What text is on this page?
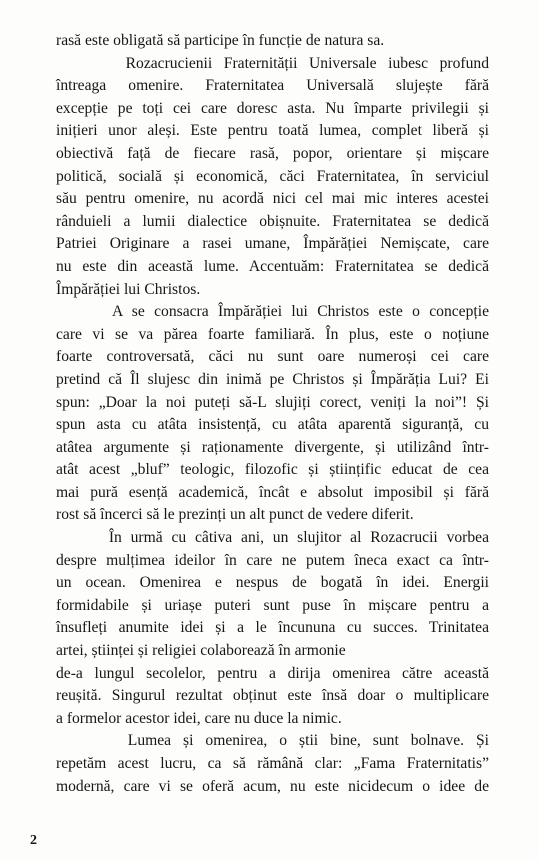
rasă este obligată să participe în funcție de natura sa.
Rozacrucienii Fraternității Universale iubesc profund
întreaga omenire. Fraternitatea Universală slujește fără
excepție pe toți cei care doresc asta. Nu împarte privilegii și
inițieri unor aleși. Este pentru toată lumea, complet liberă și
obiectivă față de fiecare rasă, popor, orientare și mișcare
politică, socială și economică, căci Fraternitatea, în serviciul
său pentru omenire, nu acordă nici cel mai mic interes acestei
rânduieli a lumii dialectice obișnuite. Fraternitatea se dedică
Patriei Originare a rasei umane, Împărăției Nemișcate, care
nu este din această lume. Accentuăm: Fraternitatea se dedică
Împărăției lui Christos.
A se consacra Împărăției lui Christos este o concepție
care vi se va părea foarte familiară. În plus, este o noțiune
foarte controversată, căci nu sunt oare numeroși cei care
pretind că Îl slujesc din inimă pe Christos și Împărăția Lui? Ei
spun: „Doar la noi puteți să-L slujiți corect, veniți la noi”! Și
spun asta cu atâta insistență, cu atâta aparentă siguranță, cu
atâtea argumente și raționamente divergente, și utilizând într-
atât acest „bluf” teologic, filozofic și științific educat de cea
mai pură esență academică, încât e absolut imposibil și fără
rost să încerci să le prezinți un alt punct de vedere diferit.
În urmă cu câtiva ani, un slujitor al Rozacrucii vorbea
despre mulțimea ideilor în care ne putem îneca exact ca într-
un ocean. Omenirea e nespus de bogată în idei. Energii
formidabile și uriașe puteri sunt puse în mișcare pentru a
însufleți anumite idei și a le încununa cu succes. Trinitatea
artei, științei și religiei colaborează în armonie
de-a lungul secolelor, pentru a dirija omenirea către această
reușită. Singurul rezultat obținut este însă doar o multiplicare
a formelor acestor idei, care nu duce la nimic.
Lumea și omenirea, o știi bine, sunt bolnave. Și
repetăm acest lucru, ca să rămână clar: „Fama Fraternitatis”
modernă, care vi se oferă acum, nu este nicidecum o idee de
2
